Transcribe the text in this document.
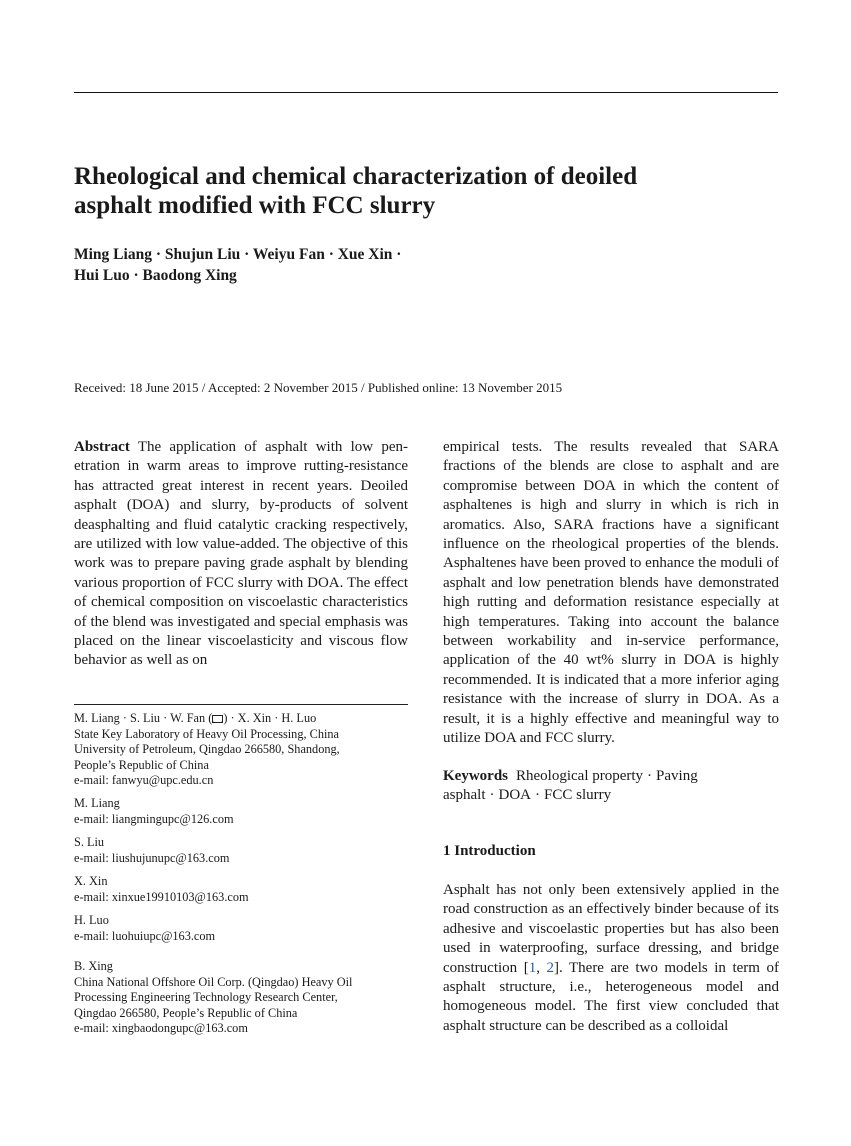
Rheological and chemical characterization of deoiled asphalt modified with FCC slurry
Ming Liang · Shujun Liu · Weiyu Fan · Xue Xin ·
Hui Luo · Baodong Xing
Received: 18 June 2015 / Accepted: 2 November 2015 / Published online: 13 November 2015
Abstract The application of asphalt with low penetration in warm areas to improve rutting-resistance has attracted great interest in recent years. Deoiled asphalt (DOA) and slurry, by-products of solvent deasphalting and fluid catalytic cracking respectively, are utilized with low value-added. The objective of this work was to prepare paving grade asphalt by blending various proportion of FCC slurry with DOA. The effect of chemical composition on viscoelastic characteristics of the blend was investigated and special emphasis was placed on the linear viscoelasticity and viscous flow behavior as well as on
empirical tests. The results revealed that SARA fractions of the blends are close to asphalt and are compromise between DOA in which the content of asphaltenes is high and slurry in which is rich in aromatics. Also, SARA fractions have a significant influence on the rheological properties of the blends. Asphaltenes have been proved to enhance the moduli of asphalt and low penetration blends have demonstrated high rutting and deformation resistance especially at high temperatures. Taking into account the balance between workability and in-service performance, application of the 40 wt% slurry in DOA is highly recommended. It is indicated that a more inferior aging resistance with the increase of slurry in DOA. As a result, it is a highly effective and meaningful way to utilize DOA and FCC slurry.
Keywords Rheological property · Paving asphalt · DOA · FCC slurry
1 Introduction
Asphalt has not only been extensively applied in the road construction as an effectively binder because of its adhesive and viscoelastic properties but has also been used in waterproofing, surface dressing, and bridge construction [1, 2]. There are two models in term of asphalt structure, i.e., heterogeneous model and homogeneous model. The first view concluded that asphalt structure can be described as a colloidal
M. Liang · S. Liu · W. Fan ( ) · X. Xin · H. Luo
State Key Laboratory of Heavy Oil Processing, China
University of Petroleum, Qingdao 266580, Shandong,
People’s Republic of China
e-mail: fanwyu@upc.edu.cn
M. Liang
e-mail: liangmingupc@126.com
S. Liu
e-mail: liushujunupc@163.com
X. Xin
e-mail: xinxue19910103@163.com
H. Luo
e-mail: luohuiupc@163.com
B. Xing
China National Offshore Oil Corp. (Qingdao) Heavy Oil
Processing Engineering Technology Research Center,
Qingdao 266580, People’s Republic of China
e-mail: xingbaodongupc@163.com
